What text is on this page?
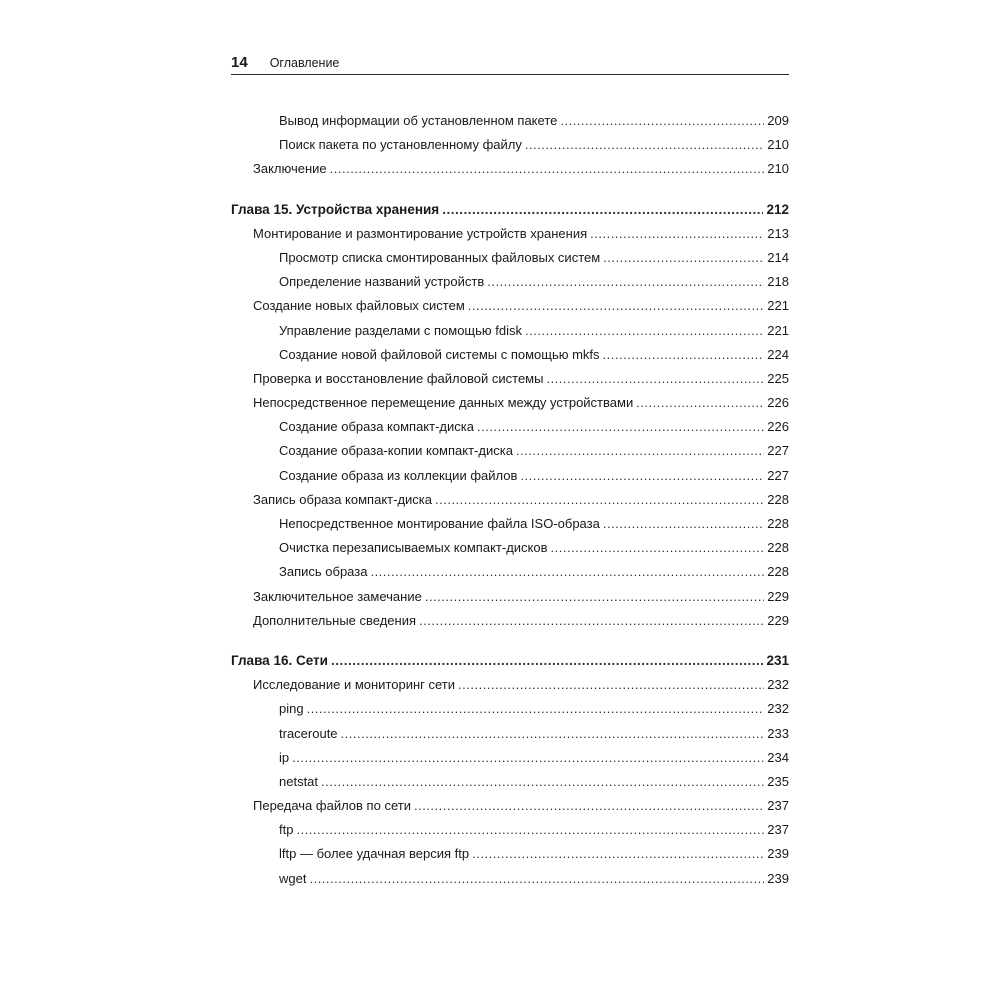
14 Оглавление
Вывод информации об установленном пакете .....	209
Поиск пакета по установленному файлу .....	210
Заключение .....	210
Глава 15. Устройства хранения .....	212
Монтирование и размонтирование устройств хранения .....	213
Просмотр списка смонтированных файловых систем .....	214
Определение названий устройств .....	218
Создание новых файловых систем .....	221
Управление разделами с помощью fdisk .....	221
Создание новой файловой системы с помощью mkfs .....	224
Проверка и восстановление файловой системы .....	225
Непосредственное перемещение данных между устройствами .....	226
Создание образа компакт-диска .....	226
Создание образа-копии компакт-диска .....	227
Создание образа из коллекции файлов .....	227
Запись образа компакт-диска .....	228
Непосредственное монтирование файла ISO-образа .....	228
Очистка перезаписываемых компакт-дисков .....	228
Запись образа .....	228
Заключительное замечание .....	229
Дополнительные сведения .....	229
Глава 16. Сети .....	231
Исследование и мониторинг сети .....	232
ping .....	232
traceroute .....	233
ip .....	234
netstat .....	235
Передача файлов по сети .....	237
ftp .....	237
lftp — более удачная версия ftp .....	239
wget .....	239
